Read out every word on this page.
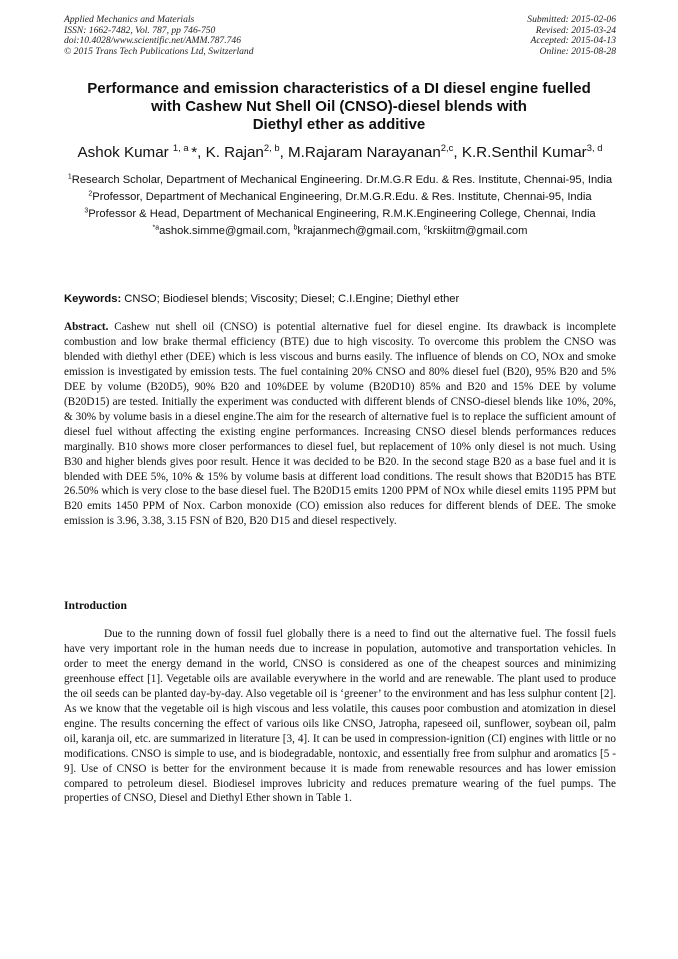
Applied Mechanics and Materials
ISSN: 1662-7482, Vol. 787, pp 746-750
doi:10.4028/www.scientific.net/AMM.787.746
© 2015 Trans Tech Publications Ltd, Switzerland
Submitted: 2015-02-06
Revised: 2015-03-24
Accepted: 2015-04-13
Online: 2015-08-28
Performance and emission characteristics of a DI diesel engine fuelled
with Cashew Nut Shell Oil (CNSO)-diesel blends with
Diethyl ether as additive
Ashok Kumar $^{1, a}$ *, K. Rajan$^{2, b}$, M.Rajaram Narayanan$^{2,c}$, K.R.Senthil Kumar$^{3, d}$

$^1$Research Scholar, Department of Mechanical Engineering. Dr.M.G.R Edu. & Res. Institute, Chennai-95, India

$^2$Professor, Department of Mechanical Engineering, Dr.M.G.R.Edu. & Res. Institute, Chennai-95, India

$^3$Professor & Head, Department of Mechanical Engineering, R.M.K.Engineering College, Chennai, India

$^{*a}$ashok.simme@gmail.com, $^b$krajanmech@gmail.com, $^c$krskiitm@gmail.com

Keywords: CNSO; Biodiesel blends; Viscosity; Diesel; C.I.Engine; Diethyl ether

Abstract. Cashew nut shell oil (CNSO) is potential alternative fuel for diesel engine. Its drawback is incomplete combustion and low brake thermal efficiency (BTE) due to high viscosity. To overcome this problem the CNSO was blended with diethyl ether (DEE) which is less viscous and burns easily. The influence of blends on CO, NOx and smoke emission is investigated by emission tests. The fuel containing 20% CNSO and 80% diesel fuel (B20), 95% B20 and 5% DEE by volume (B20D5), 90% B20 and 10%DEE by volume (B20D10) 85% and B20 and 15% DEE by volume (B20D15) are tested. Initially the experiment was conducted with different blends of CNSO-diesel blends like 10%, 20%, & 30% by volume basis in a diesel engine.The aim for the research of alternative fuel is to replace the sufficient amount of diesel fuel without affecting the existing engine performances. Increasing CNSO diesel blends performances reduces marginally. B10 shows more closer performances to diesel fuel, but replacement of 10% only diesel is not much. Using B30 and higher blends gives poor result. Hence it was decided to be B20. In the second stage B20 as a base fuel and it is blended with DEE 5%, 10% & 15% by volume basis at different load conditions. The result shows that B20D15 has BTE 26.50% which is very close to the base diesel fuel. The B20D15 emits 1200 PPM of NOx while diesel emits 1195 PPM but B20 emits 1450 PPM of Nox. Carbon monoxide (CO) emission also reduces for different blends of DEE. The smoke emission is 3.96, 3.38, 3.15 FSN of B20, B20 D15 and diesel respectively.

Introduction

Due to the running down of fossil fuel globally there is a need to find out the alternative fuel. The fossil fuels have very important role in the human needs due to increase in population, automotive and transportation vehicles. In order to meet the energy demand in the world, CNSO is considered as one of the cheapest sources and minimizing greenhouse effect [1]. Vegetable oils are available everywhere in the world and are renewable. The plant used to produce the oil seeds can be planted day-by-day. Also vegetable oil is ‘greener’ to the environment and has less sulphur content [2]. As we know that the vegetable oil is high viscous and less volatile, this causes poor combustion and atomization in diesel engine. The results concerning the effect of various oils like CNSO, Jatropha, rapeseed oil, sunflower, soybean oil, palm oil, karanja oil, etc. are summarized in literature [3, 4]. It can be used in compression-ignition (CI) engines with little or no modifications. CNSO is simple to use, and is biodegradable, nontoxic, and essentially free from sulphur and aromatics [5 - 9]. Use of CNSO is better for the environment because it is made from renewable resources and has lower emission compared to petroleum diesel. Biodiesel improves lubricity and reduces premature wearing of the fuel pumps. The properties of CNSO, Diesel and Diethyl Ether shown in Table 1.
